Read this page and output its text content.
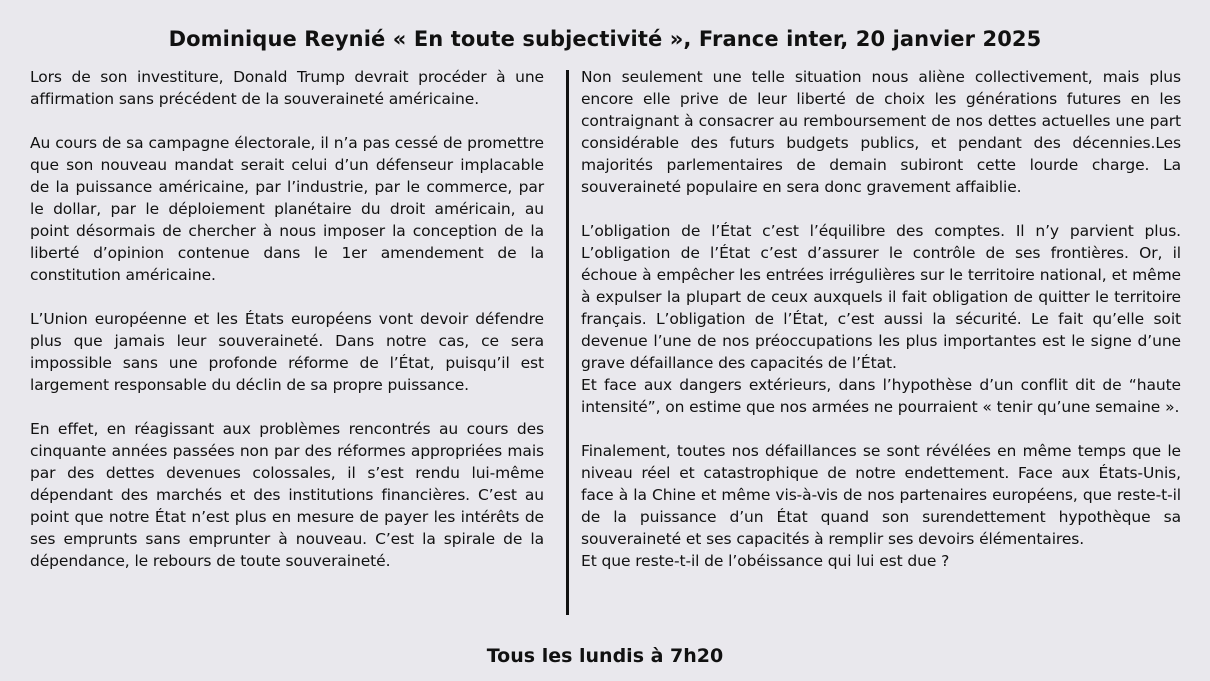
Dominique Reynié « En toute subjectivité », France inter, 20 janvier 2025

Lors de son investiture, Donald Trump devrait procéder à une affirmation sans précédent de la souveraineté américaine.

Au cours de sa campagne électorale, il n’a pas cessé de promettre que son nouveau mandat serait celui d’un défenseur implacable de la puissance américaine, par l’industrie, par le commerce, par le dollar, par le déploiement planétaire du droit américain, au point désormais de chercher à nous imposer la conception de la liberté d’opinion contenue dans le 1er amendement de la constitution américaine.

L’Union européenne et les États européens vont devoir défendre plus que jamais leur souveraineté. Dans notre cas, ce sera impossible sans une profonde réforme de l’État, puisqu’il est largement responsable du déclin de sa propre puissance.

En effet, en réagissant aux problèmes rencontrés au cours des cinquante années passées non par des réformes appropriées mais par des dettes devenues colossales, il s’est rendu lui-même dépendant des marchés et des institutions financières. C’est au point que notre État n’est plus en mesure de payer les intérêts de ses emprunts sans emprunter à nouveau. C’est la spirale de la dépendance, le rebours de toute souveraineté.

Non seulement une telle situation nous aliène collectivement, mais plus encore elle prive de leur liberté de choix les générations futures en les contraignant à consacrer au remboursement de nos dettes actuelles une part considérable des futurs budgets publics, et pendant des décennies.Les majorités parlementaires de demain subiront cette lourde charge. La souveraineté populaire en sera donc gravement affaiblie.

L’obligation de l’État c’est l’équilibre des comptes. Il n’y parvient plus. L’obligation de l’État c’est d’assurer le contrôle de ses frontières. Or, il échoue à empêcher les entrées irrégulières sur le territoire national, et même à expulser la plupart de ceux auxquels il fait obligation de quitter le territoire français. L’obligation de l’État, c’est aussi la sécurité. Le fait qu’elle soit devenue l’une de nos préoccupations les plus importantes est le signe d’une grave défaillance des capacités de l’État.

Et face aux dangers extérieurs, dans l’hypothèse d’un conflit dit de “haute intensité”, on estime que nos armées ne pourraient « tenir qu’une semaine ».

Finalement, toutes nos défaillances se sont révélées en même temps que le niveau réel et catastrophique de notre endettement. Face aux États-Unis, face à la Chine et même vis-à-vis de nos partenaires européens, que reste-t-il de la puissance d’un État quand son surendettement hypothèque sa souveraineté et ses capacités à remplir ses devoirs élémentaires.

Et que reste-t-il de l’obéissance qui lui est due ?

Tous les lundis à 7h20
